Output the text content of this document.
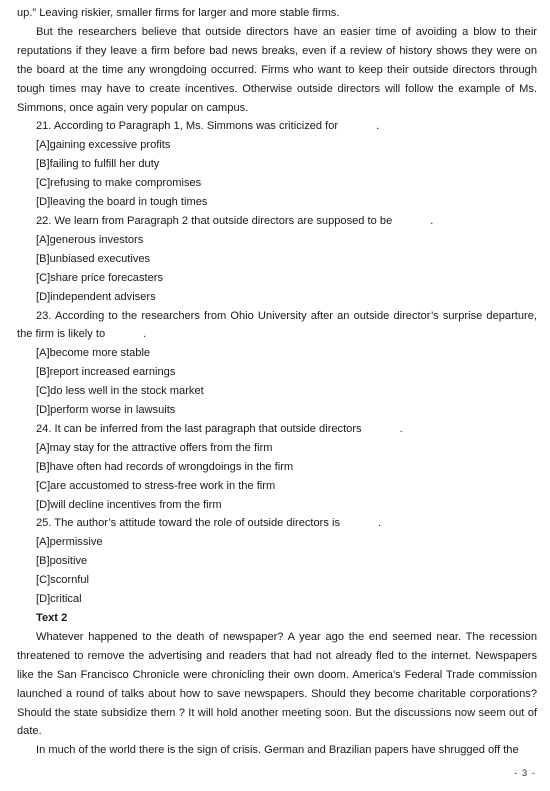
up.” Leaving riskier, smaller firms for larger and more stable firms.

But the researchers believe that outside directors have an easier time of avoiding a blow to their reputations if they leave a firm before bad news breaks, even if a review of history shows they were on the board at the time any wrongdoing occurred. Firms who want to keep their outside directors through tough times may have to create incentives. Otherwise outside directors will follow the example of Ms. Simmons, once again very popular on campus.

21. According to Paragraph 1, Ms. Simmons was criticized for	.

[A]gaining excessive profits

[B]failing to fulfill her duty

[C]refusing to make compromises

[D]leaving the board in tough times

22. We learn from Paragraph 2 that outside directors are supposed to be	.

[A]generous investors

[B]unbiased executives

[C]share price forecasters

[D]independent advisers

23. According to the researchers from Ohio University after an outside director’s surprise departure, the firm is likely to	.

[A]become more stable

[B]report increased earnings

[C]do less well in the stock market

[D]perform worse in lawsuits

24. It can be inferred from the last paragraph that outside directors	.

[A]may stay for the attractive offers from the firm

[B]have often had records of wrongdoings in the firm

[C]are accustomed to stress-free work in the firm

[D]will decline incentives from the firm

25. The author’s attitude toward the role of outside directors is	.

[A]permissive

[B]positive

[C]scornful

[D]critical

Text 2

Whatever happened to the death of newspaper? A year ago the end seemed near. The recession threatened to remove the advertising and readers that had not already fled to the internet. Newspapers like the San Francisco Chronicle were chronicling their own doom. America’s Federal Trade commission launched a round of talks about how to save newspapers. Should they become charitable corporations? Should the state subsidize them ? It will hold another meeting soon. But the discussions now seem out of date.

In much of the world there is the sign of crisis. German and Brazilian papers have shrugged off the

- 3 -
